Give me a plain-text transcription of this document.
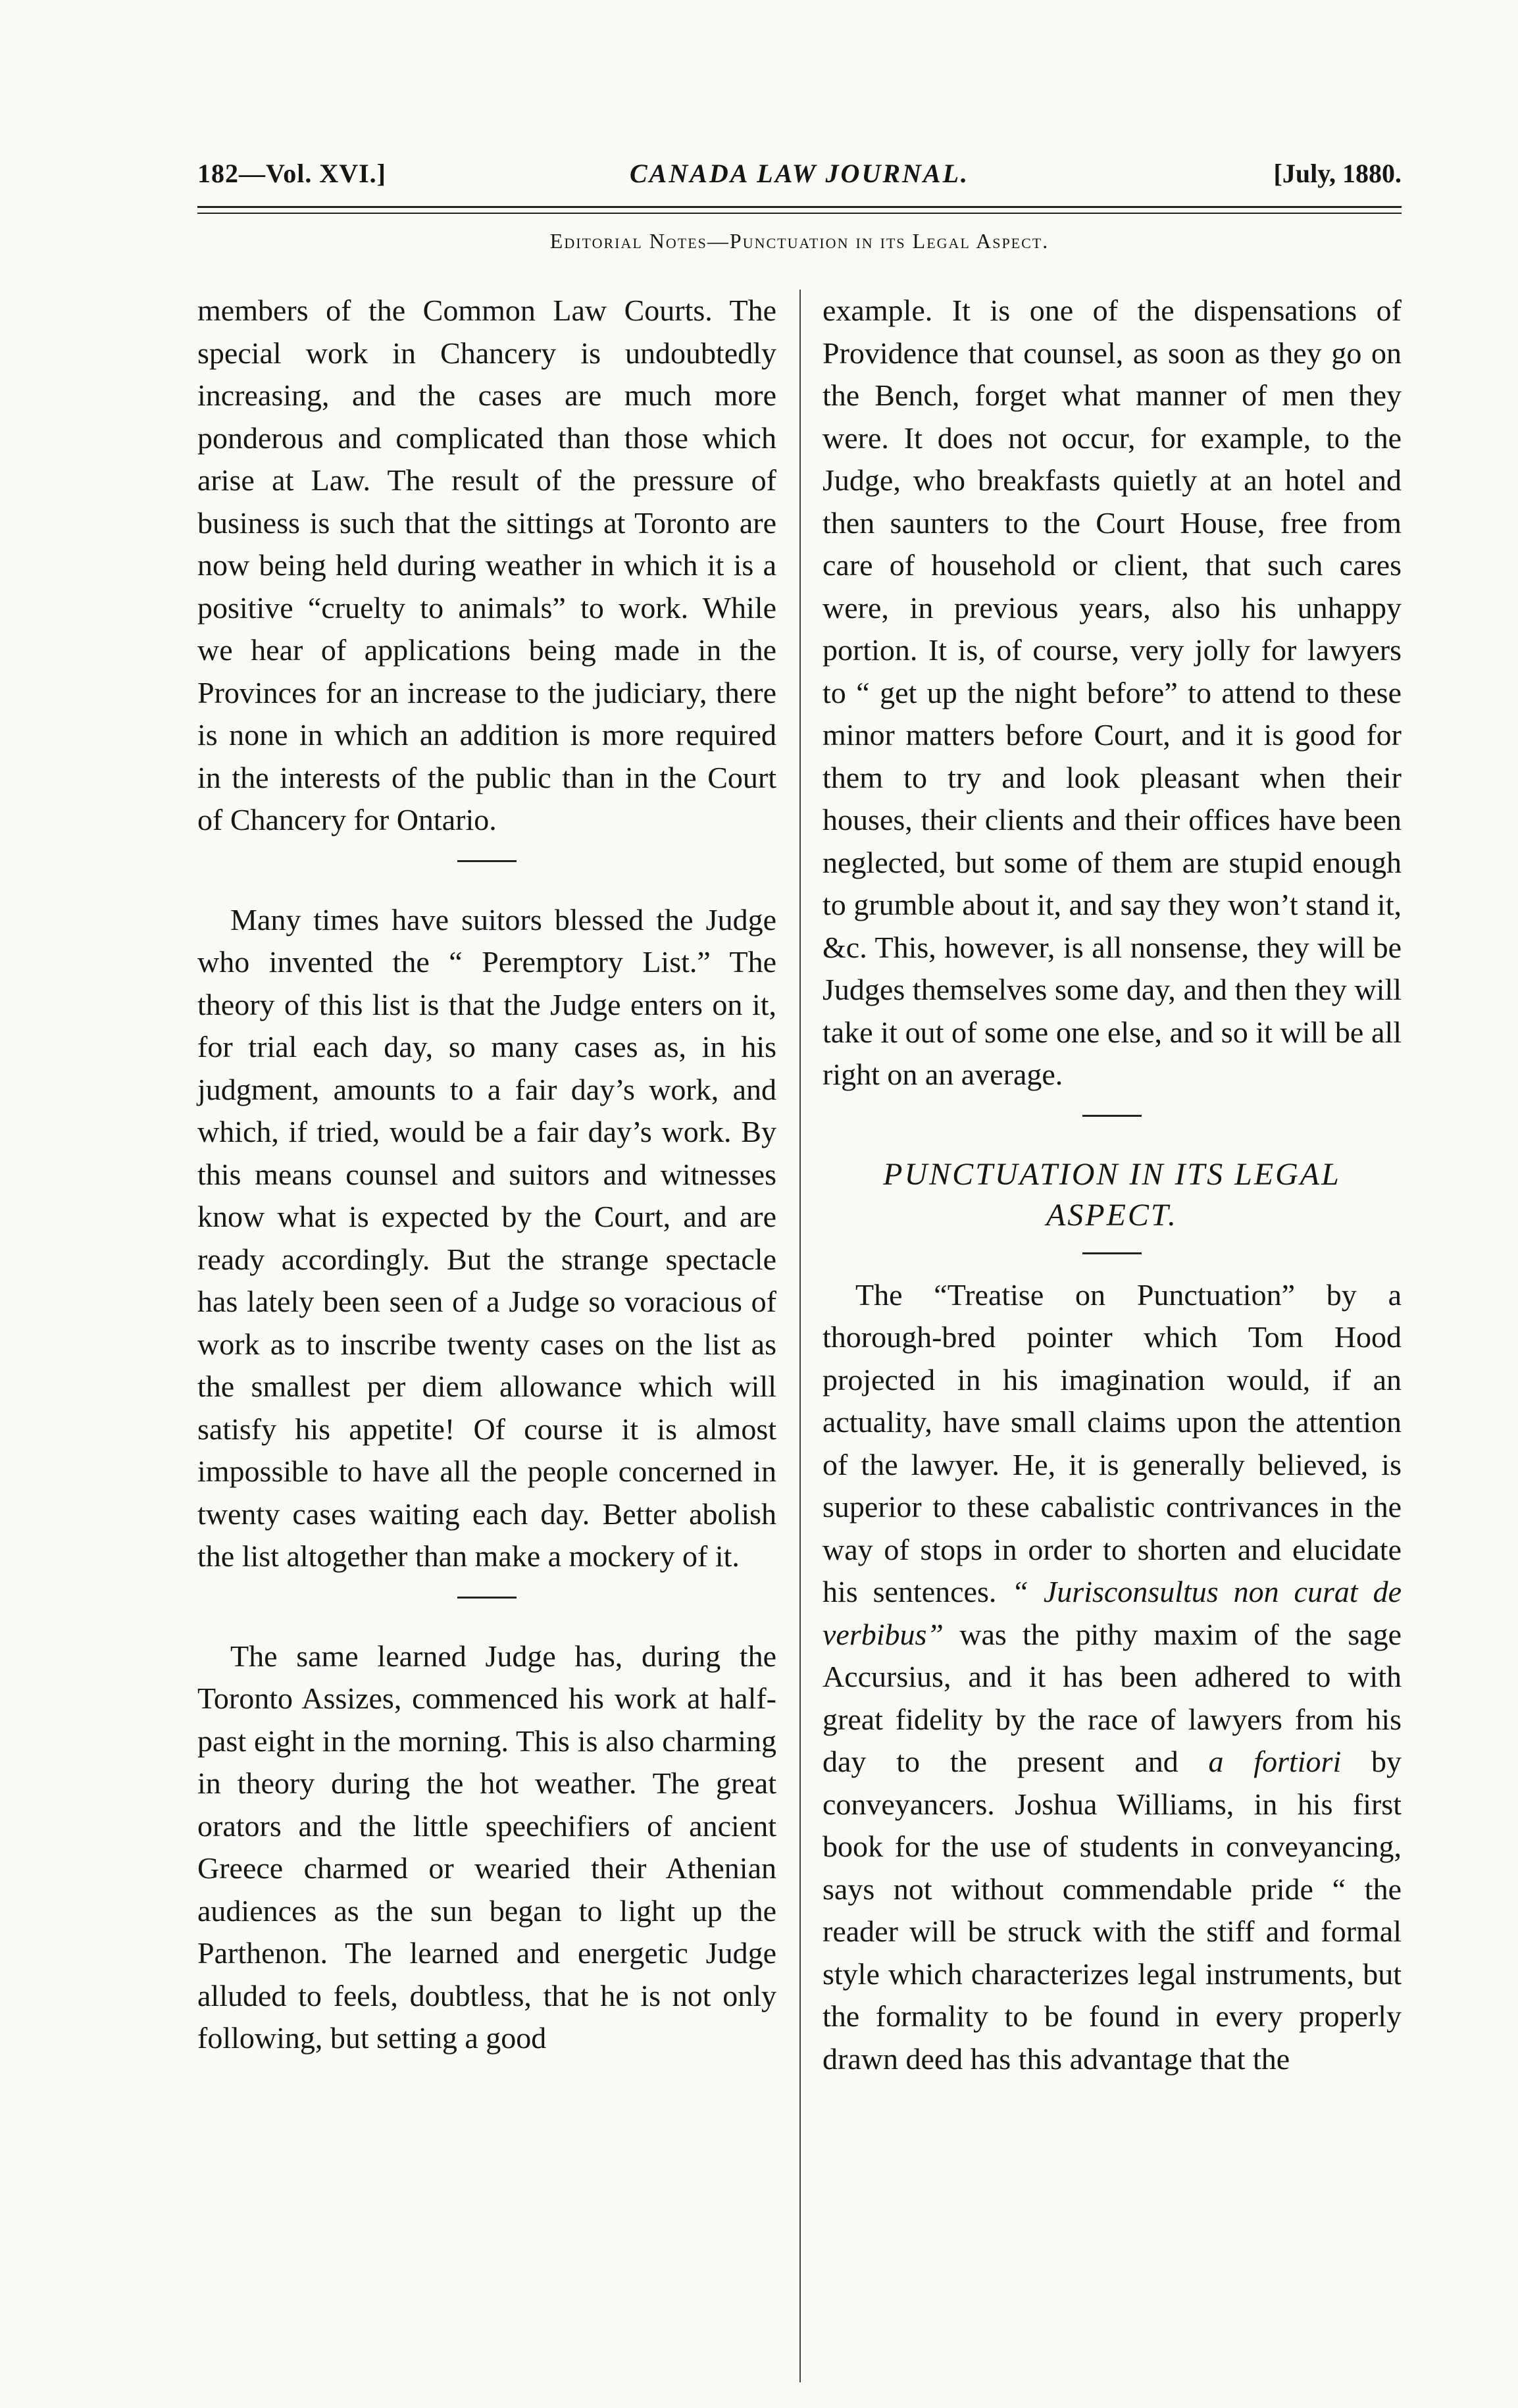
182—Vol. XVI.]	CANADA LAW JOURNAL.	[July, 1880.
Editorial Notes—Punctuation in its Legal Aspect.

members of the Common Law Courts. The special work in Chancery is undoubtedly increasing, and the cases are much more ponderous and complicated than those which arise at Law. The result of the pressure of business is such that the sittings at Toronto are now being held during weather in which it is a positive “cruelty to animals” to work. While we hear of applications being made in the Provinces for an increase to the judiciary, there is none in which an addition is more required in the interests of the public than in the Court of Chancery for Ontario.

Many times have suitors blessed the Judge who invented the “ Peremptory List.” The theory of this list is that the Judge enters on it, for trial each day, so many cases as, in his judgment, amounts to a fair day’s work, and which, if tried, would be a fair day’s work. By this means counsel and suitors and witnesses know what is expected by the Court, and are ready accordingly. But the strange spectacle has lately been seen of a Judge so voracious of work as to inscribe twenty cases on the list as the smallest per diem allowance which will satisfy his appetite! Of course it is almost impossible to have all the people concerned in twenty cases waiting each day. Better abolish the list altogether than make a mockery of it.

The same learned Judge has, during the Toronto Assizes, commenced his work at half-past eight in the morning. This is also charming in theory during the hot weather. The great orators and the little speechifiers of ancient Greece charmed or wearied their Athenian audiences as the sun began to light up the Parthenon. The learned and energetic Judge alluded to feels, doubtless, that he is not only following, but setting a good

example. It is one of the dispensations of Providence that counsel, as soon as they go on the Bench, forget what manner of men they were. It does not occur, for example, to the Judge, who breakfasts quietly at an hotel and then saunters to the Court House, free from care of household or client, that such cares were, in previous years, also his unhappy portion. It is, of course, very jolly for lawyers to “ get up the night before” to attend to these minor matters before Court, and it is good for them to try and look pleasant when their houses, their clients and their offices have been neglected, but some of them are stupid enough to grumble about it, and say they won’t stand it, &c. This, however, is all nonsense, they will be Judges themselves some day, and then they will take it out of some one else, and so it will be all right on an average.

PUNCTUATION IN ITS LEGAL
ASPECT.

The “Treatise on Punctuation” by a thorough-bred pointer which Tom Hood projected in his imagination would, if an actuality, have small claims upon the attention of the lawyer. He, it is generally believed, is superior to these cabalistic contrivances in the way of stops in order to shorten and elucidate his sentences. “ Jurisconsultus non curat de verbibus” was the pithy maxim of the sage Accursius, and it has been adhered to with great fidelity by the race of lawyers from his day to the present and a fortiori by conveyancers. Joshua Williams, in his first book for the use of students in conveyancing, says not without commendable pride “ the reader will be struck with the stiff and formal style which characterizes legal instruments, but the formality to be found in every properly drawn deed has this advantage that the
